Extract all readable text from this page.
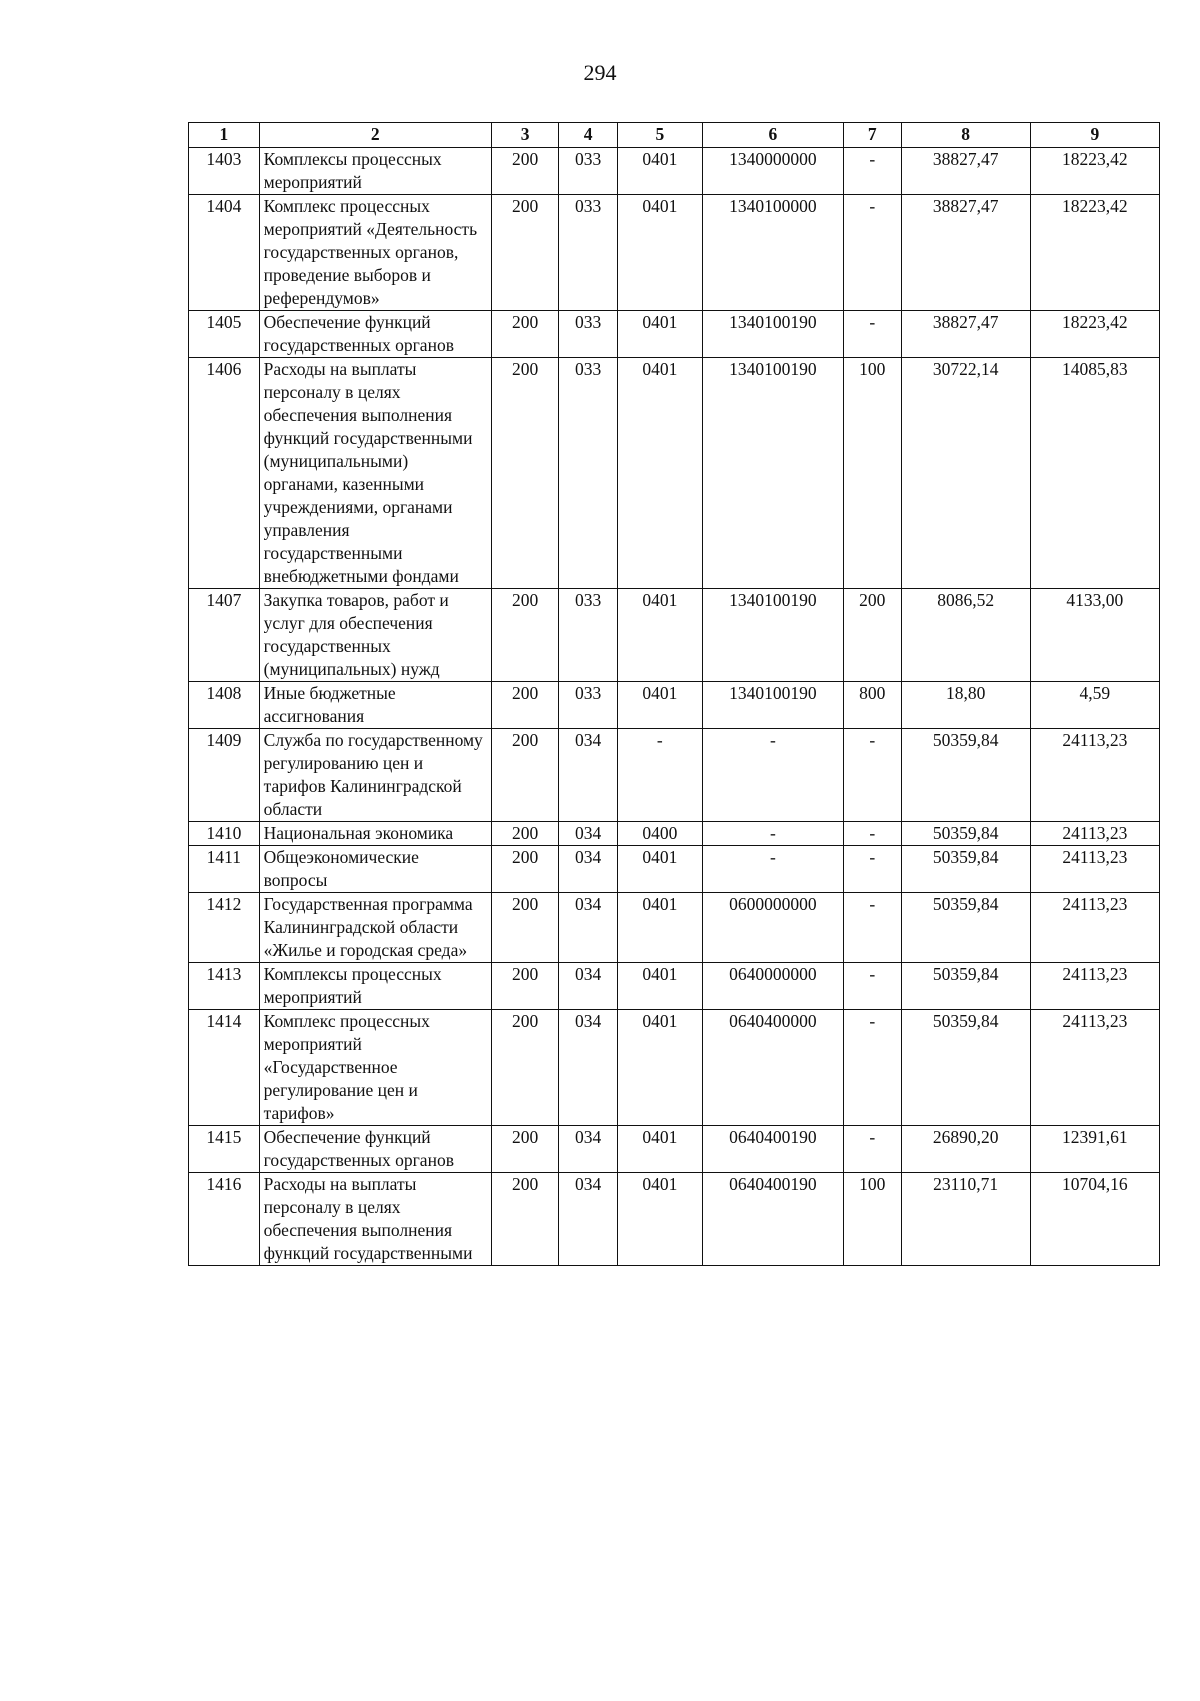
294
1	2	3	4	5	6	7	8	9
1403	Комплексы процессных мероприятий	200	033	0401	1340000000	-	38827,47	18223,42
1404	Комплекс процессных мероприятий «Деятельность государственных органов, проведение выборов и референдумов»	200	033	0401	1340100000	-	38827,47	18223,42
1405	Обеспечение функций государственных органов	200	033	0401	1340100190	-	38827,47	18223,42
1406	Расходы на выплаты персоналу в целях обеспечения выполнения функций государственными (муниципальными) органами, казенными учреждениями, органами управления государственными внебюджетными фондами	200	033	0401	1340100190	100	30722,14	14085,83
1407	Закупка товаров, работ и услуг для обеспечения государственных (муниципальных) нужд	200	033	0401	1340100190	200	8086,52	4133,00
1408	Иные бюджетные ассигнования	200	033	0401	1340100190	800	18,80	4,59
1409	Служба по государственному регулированию цен и тарифов Калининградской области	200	034	-	-	-	50359,84	24113,23
1410	Национальная экономика	200	034	0400	-	-	50359,84	24113,23
1411	Общеэкономические вопросы	200	034	0401	-	-	50359,84	24113,23
1412	Государственная программа Калининградской области «Жилье и городская среда»	200	034	0401	0600000000	-	50359,84	24113,23
1413	Комплексы процессных мероприятий	200	034	0401	0640000000	-	50359,84	24113,23
1414	Комплекс процессных мероприятий «Государственное регулирование цен и тарифов»	200	034	0401	0640400000	-	50359,84	24113,23
1415	Обеспечение функций государственных органов	200	034	0401	0640400190	-	26890,20	12391,61
1416	Расходы на выплаты персоналу в целях обеспечения выполнения функций государственными	200	034	0401	0640400190	100	23110,71	10704,16
